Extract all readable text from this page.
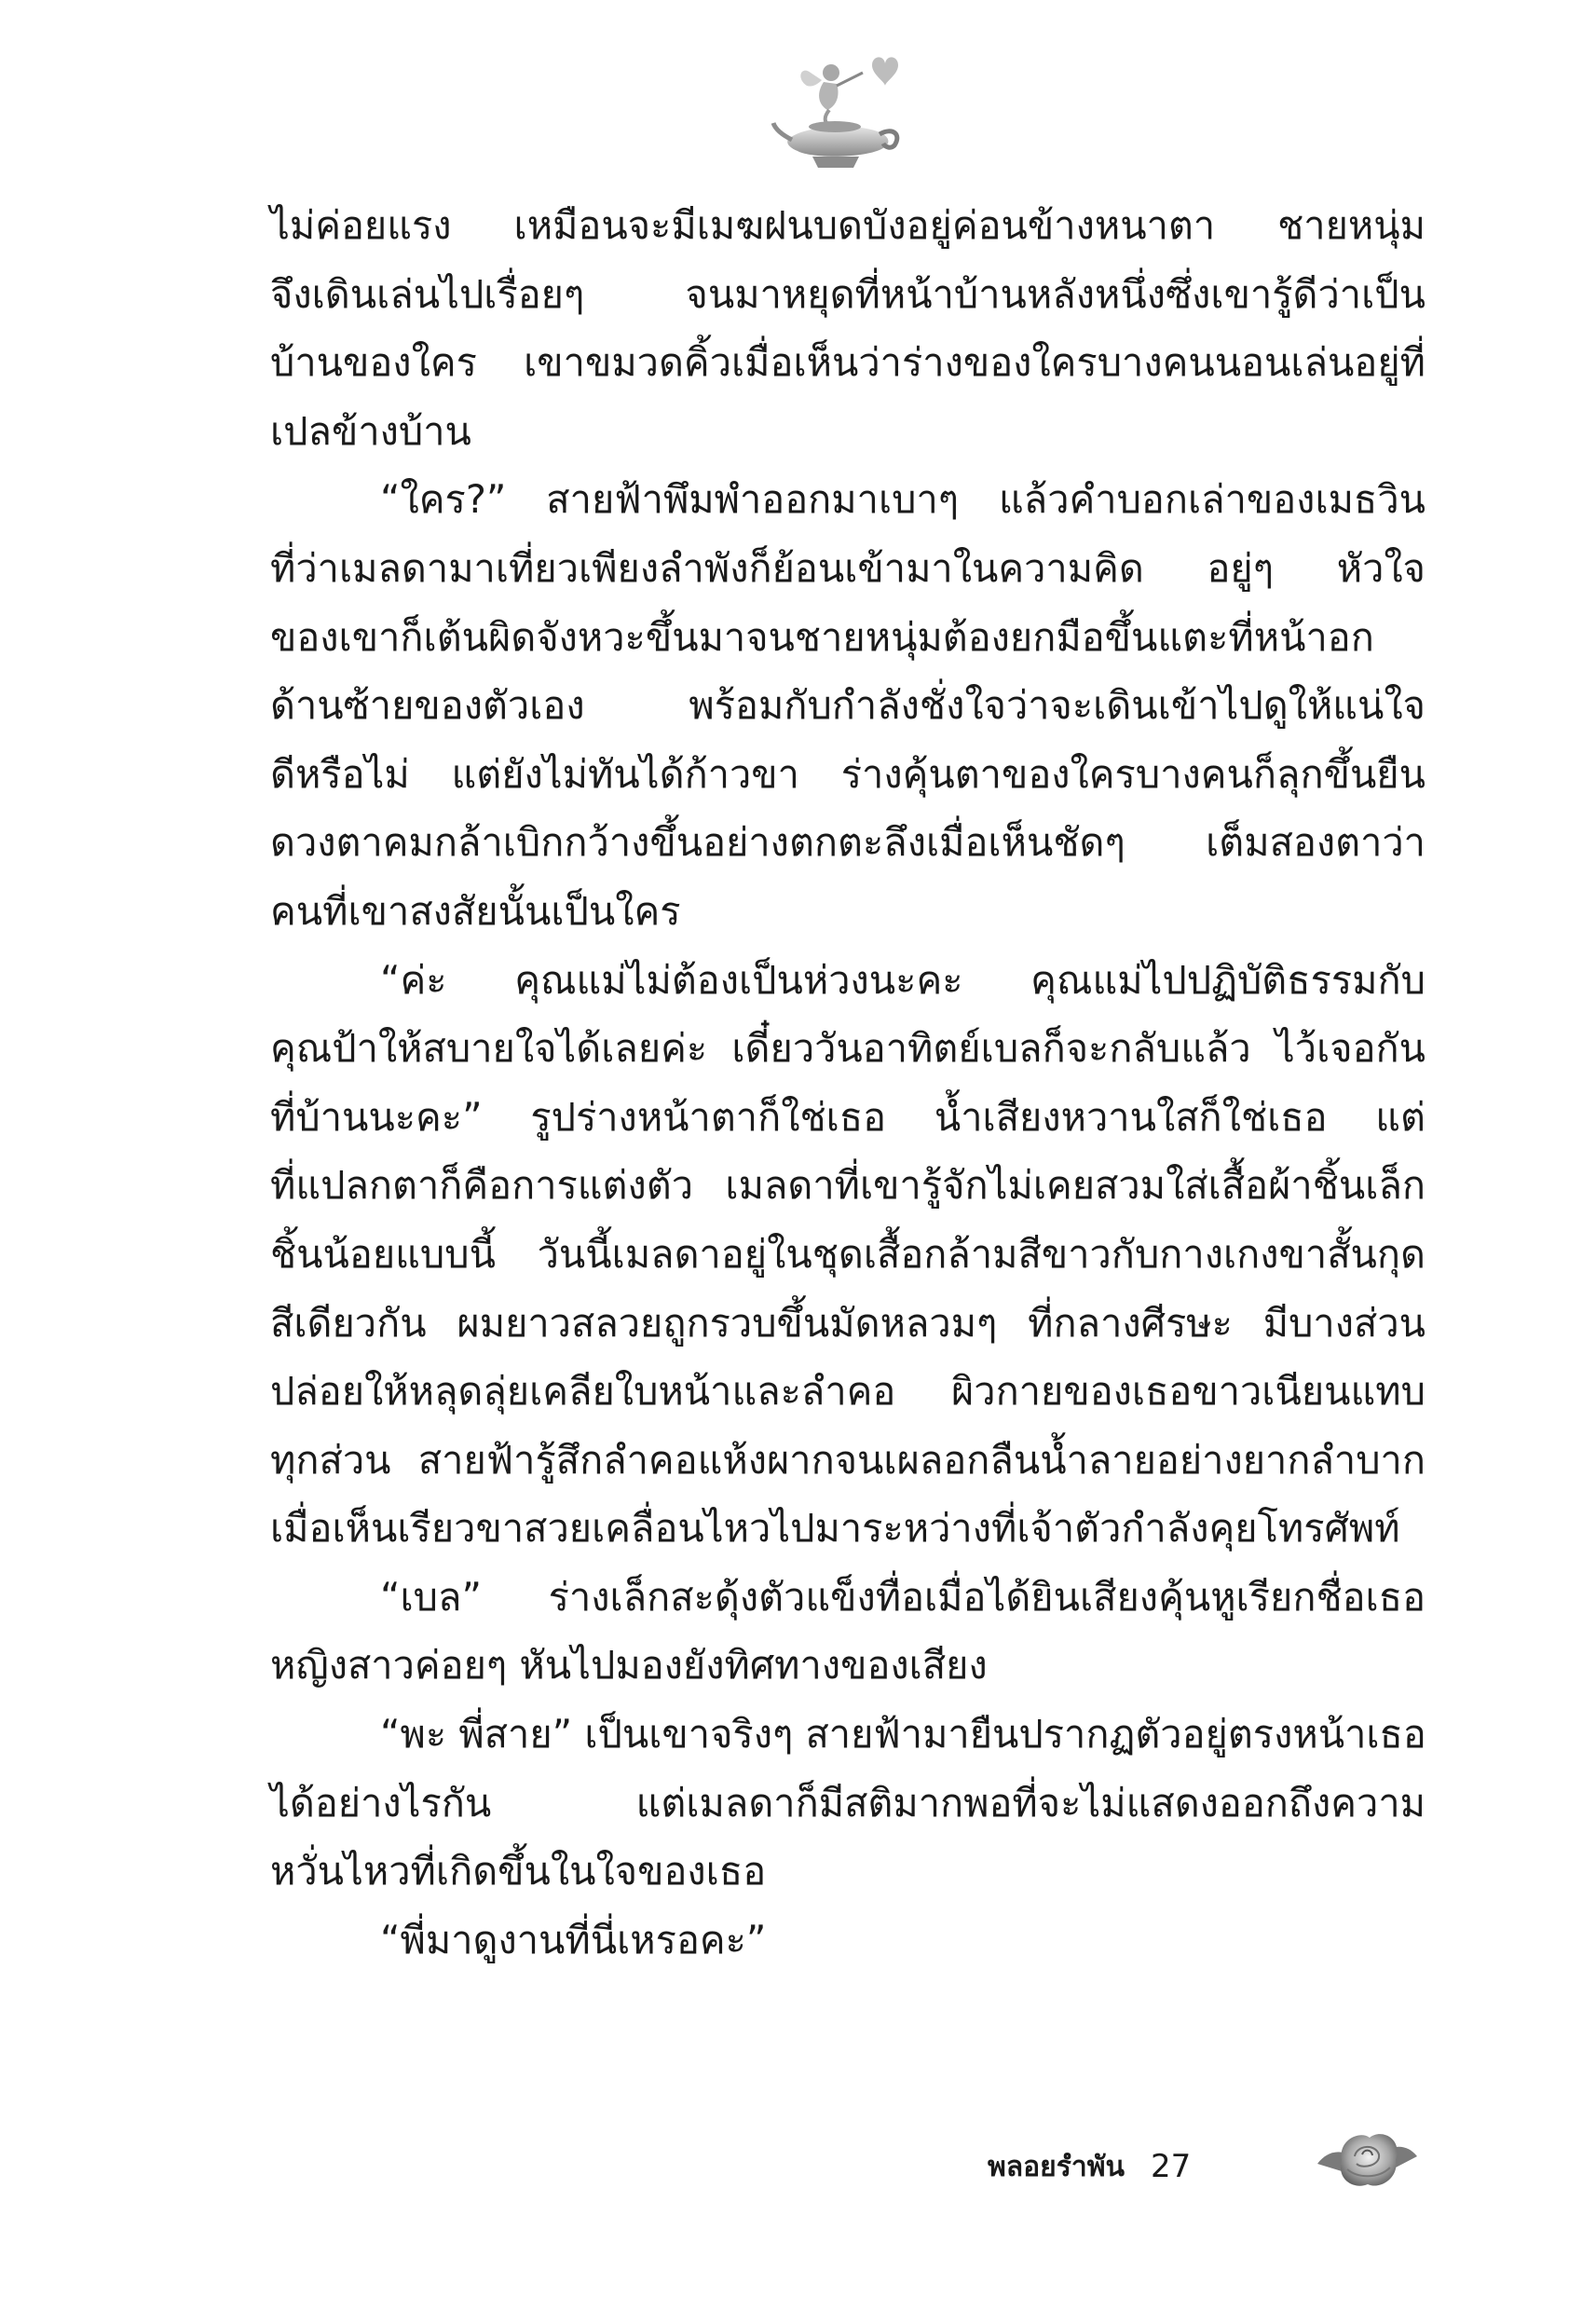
ไม่ค่อยแรง เหมือนจะมีเมฆฝนบดบังอยู่ค่อนข้างหนาตา ชายหนุ่ม
จึงเดินเล่นไปเรื่อยๆ จนมาหยุดที่หน้าบ้านหลังหนึ่งซึ่งเขารู้ดีว่าเป็น
บ้านของใคร เขาขมวดคิ้วเมื่อเห็นว่าร่างของใครบางคนนอนเล่นอยู่ที่
เปลข้างบ้าน
“ใคร?” สายฟ้าพึมพำออกมาเบาๆ แล้วคำบอกเล่าของเมธวิน
ที่ว่าเมลดามาเที่ยวเพียงลำพังก็ย้อนเข้ามาในความคิด อยู่ๆ หัวใจ
ของเขาก็เต้นผิดจังหวะขึ้นมาจนชายหนุ่มต้องยกมือขึ้นแตะที่หน้าอก
ด้านซ้ายของตัวเอง พร้อมกับกำลังชั่งใจว่าจะเดินเข้าไปดูให้แน่ใจ
ดีหรือไม่ แต่ยังไม่ทันได้ก้าวขา ร่างคุ้นตาของใครบางคนก็ลุกขึ้นยืน
ดวงตาคมกล้าเบิกกว้างขึ้นอย่างตกตะลึงเมื่อเห็นชัดๆ เต็มสองตาว่า
คนที่เขาสงสัยนั้นเป็นใคร
“ค่ะ คุณแม่ไม่ต้องเป็นห่วงนะคะ คุณแม่ไปปฏิบัติธรรมกับ
คุณป้าให้สบายใจได้เลยค่ะ เดี๋ยววันอาทิตย์เบลก็จะกลับแล้ว ไว้เจอกัน
ที่บ้านนะคะ” รูปร่างหน้าตาก็ใช่เธอ น้ำเสียงหวานใสก็ใช่เธอ แต่
ที่แปลกตาก็คือการแต่งตัว เมลดาที่เขารู้จักไม่เคยสวมใส่เสื้อผ้าชิ้นเล็ก
ชิ้นน้อยแบบนี้ วันนี้เมลดาอยู่ในชุดเสื้อกล้ามสีขาวกับกางเกงขาสั้นกุด
สีเดียวกัน ผมยาวสลวยถูกรวบขึ้นมัดหลวมๆ ที่กลางศีรษะ มีบางส่วน
ปล่อยให้หลุดลุ่ยเคลียใบหน้าและลำคอ ผิวกายของเธอขาวเนียนแทบ
ทุกส่วน สายฟ้ารู้สึกลำคอแห้งผากจนเผลอกลืนน้ำลายอย่างยากลำบาก
เมื่อเห็นเรียวขาสวยเคลื่อนไหวไปมาระหว่างที่เจ้าตัวกำลังคุยโทรศัพท์
“เบล” ร่างเล็กสะดุ้งตัวแข็งทื่อเมื่อได้ยินเสียงคุ้นหูเรียกชื่อเธอ
หญิงสาวค่อยๆ หันไปมองยังทิศทางของเสียง
“พะ พี่สาย” เป็นเขาจริงๆ สายฟ้ามายืนปรากฏตัวอยู่ตรงหน้าเธอ
ได้อย่างไรกัน แต่เมลดาก็มีสติมากพอที่จะไม่แสดงออกถึงความ
หวั่นไหวที่เกิดขึ้นในใจของเธอ
“พี่มาดูงานที่นี่เหรอคะ”
พลอยรำพัน 27
